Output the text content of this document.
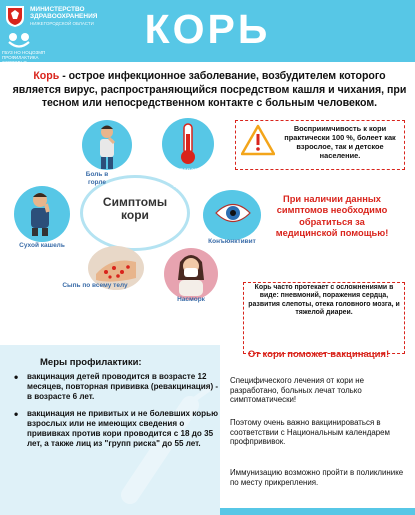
МИНИСТЕРСТВО
ЗДРАВООХРАНЕНИЯ
НИЖЕГОРОДСКОЙ ОБЛАСТИ
ГБУЗ НО НОЦОЗМП
ПРОФИЛАКТИКА ЗДОРОВЬЯ
КОРЬ
Корь - острое инфекционное заболевание, возбудителем которого является вирус, распространяющийся посредством кашля и чихания, при тесном или непосредственном контакте с больным человеком.
Симптомы кори
Боль в горле
Температура выше 38 градусов
Сухой кашель
Конъюнктивит
Сыпь по всему телу
Насморк
Восприимчивость к кори практически 100 %, болеет как взрослое, так и детское население.
При наличии данных симптомов необходимо обратиться за медицинской помощью!
Корь часто протекает с осложнениями в виде: пневмоний, поражения сердца, развития слепоты, отека головного мозга, и тяжелой диареи.
Меры профилактики:
• вакцинация детей проводится в возрасте 12 месяцев, повторная прививка (ревакцинация) - в возрасте 6 лет.
• вакцинация не привитых и не болевших корью взрослых или не имеющих сведения о прививках против кори проводится с 18 до 35 лет, а также лиц из "групп риска" до 55 лет.
От кори поможет вакцинация!
Специфического лечения от кори не разработано, больных лечат только симптоматически!
Поэтому очень важно вакцинироваться в соответствии с Национальным календарем профпрививок.
Иммунизацию возможно пройти в поликлинике по месту прикрепления.
